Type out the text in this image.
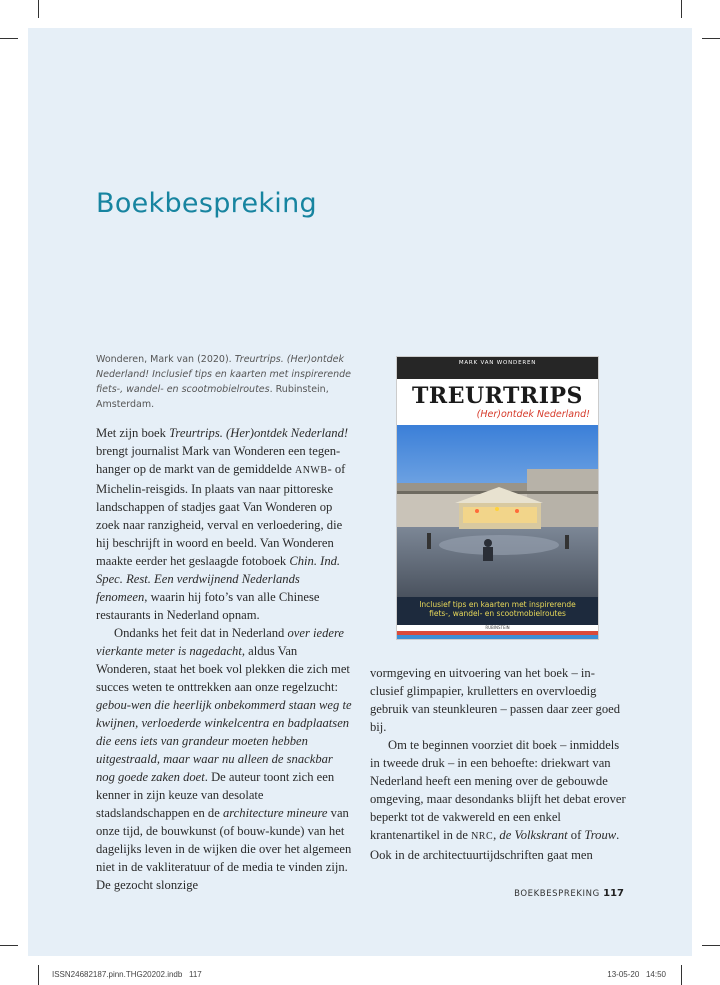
Boekbespreking
Wonderen, Mark van (2020). Treurtrips. (Her)ontdek Nederland! Inclusief tips en kaarten met inspirerende fiets-, wandel- en scootmobielroutes. Rubinstein, Amsterdam.

Met zijn boek Treurtrips. (Her)ontdek Nederland! brengt journalist Mark van Wonderen een tegen-hanger op de markt van de gemiddelde ANWB- of Michelin-reisgids. In plaats van naar pittoreske landschappen of stadjes gaat Van Wonderen op zoek naar ranzigheid, verval en verloedering, die hij beschrijft in woord en beeld. Van Wonderen maakte eerder het geslaagde fotoboek Chin. Ind. Spec. Rest. Een verdwijnend Nederlands fenomeen, waarin hij foto’s van alle Chinese restaurants in Nederland opnam.

Ondanks het feit dat in Nederland over iedere vierkante meter is nagedacht, aldus Van Wonderen, staat het boek vol plekken die zich met succes weten te onttrekken aan onze regelzucht: gebou-wen die heerlijk onbekommerd staan weg te kwijnen, verloederde winkelcentra en badplaatsen die eens iets van grandeur moeten hebben uitgestraald, maar waar nu alleen de snackbar nog goede zaken doet. De auteur toont zich een kenner in zijn keuze van desolate stadslandschappen en de architecture mineure van onze tijd, de bouwkunst (of bouw-kunde) van het dagelijks leven in de wijken die over het algemeen niet in de vakliteratuur of de media te vinden zijn. De gezocht slonzige

MARK VAN WONDEREN
TREURTRIPS
(Her)ontdek Nederland!
Inclusief tips en kaarten met inspirerende
fiets-, wandel- en scootmobielroutes
RUBINSTEIN

vormgeving en uitvoering van het boek – in-clusief glimpapier, krulletters en overvloedig gebruik van steunkleuren – passen daar zeer goed bij.

Om te beginnen voorziet dit boek – inmiddels in tweede druk – in een behoefte: driekwart van Nederland heeft een mening over de gebouwde omgeving, maar desondanks blijft het debat erover beperkt tot de vakwereld en een enkel krantenartikel in de NRC, de Volkskrant of Trouw. Ook in de architectuurtijdschriften gaat men

BOEKBESPREKING 117
ISSN24682187.pinn.THG20202.indb   117	13-05-20   14:50
